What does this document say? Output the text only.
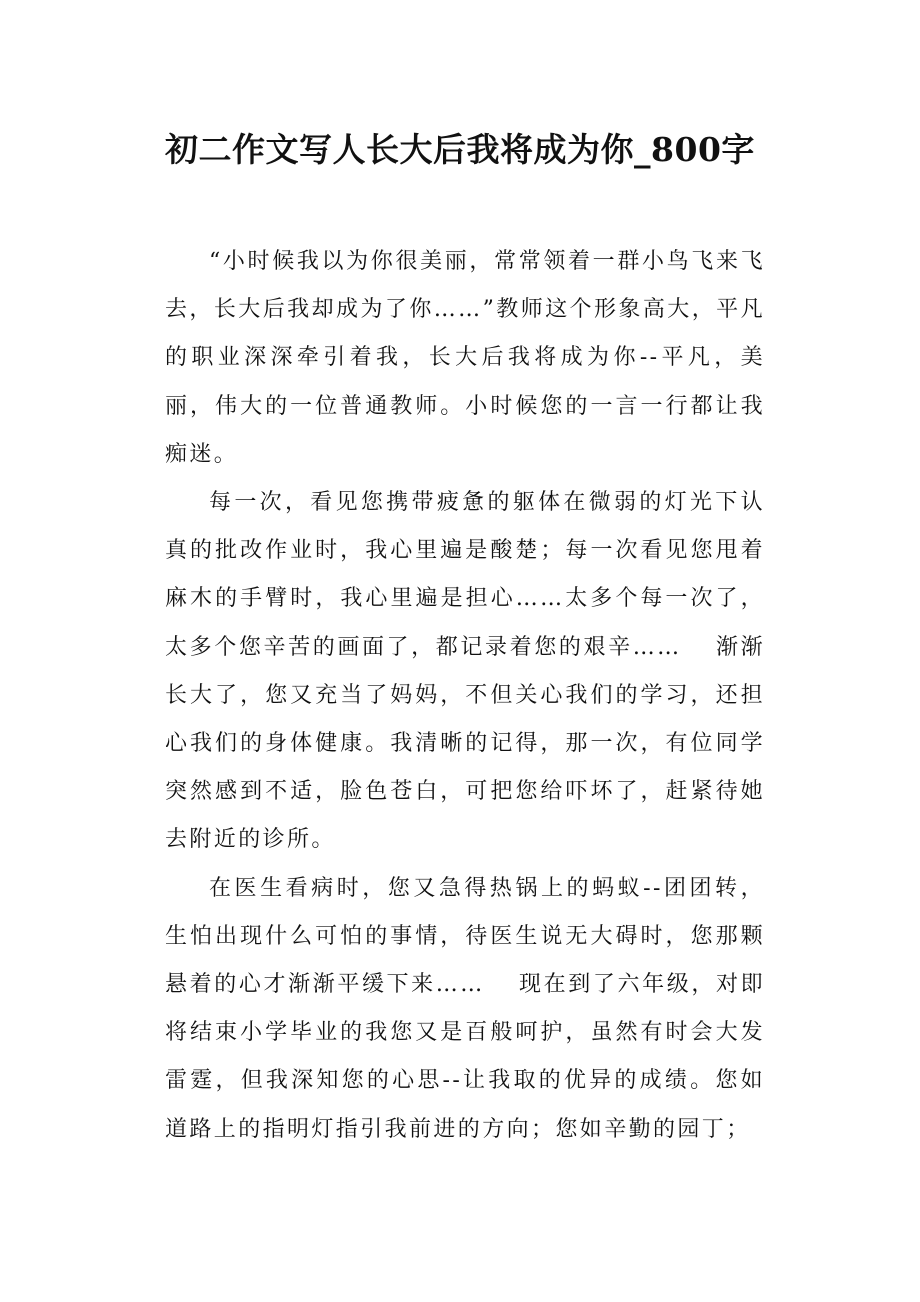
初二作文写人长大后我将成为你_800字

“小时候我以为你很美丽，常常领着一群小鸟飞来飞去，长大后我却成为了你……”教师这个形象高大，平凡的职业深深牵引着我，长大后我将成为你--平凡，美丽，伟大的一位普通教师。小时候您的一言一行都让我痴迷。

每一次，看见您携带疲惫的躯体在微弱的灯光下认真的批改作业时，我心里遍是酸楚；每一次看见您甩着麻木的手臂时，我心里遍是担心……太多个每一次了，太多个您辛苦的画面了，都记录着您的艰辛……　 渐渐长大了，您又充当了妈妈，不但关心我们的学习，还担心我们的身体健康。我清晰的记得，那一次，有位同学突然感到不适，脸色苍白，可把您给吓坏了，赶紧待她去附近的诊所。

在医生看病时，您又急得热锅上的蚂蚁--团团转，生怕出现什么可怕的事情，待医生说无大碍时，您那颗悬着的心才渐渐平缓下来……　 现在到了六年级，对即将结束小学毕业的我您又是百般呵护，虽然有时会大发雷霆，但我深知您的心思--让我取的优异的成绩。您如道路上的指明灯指引我前进的方向；您如辛勤的园丁；
